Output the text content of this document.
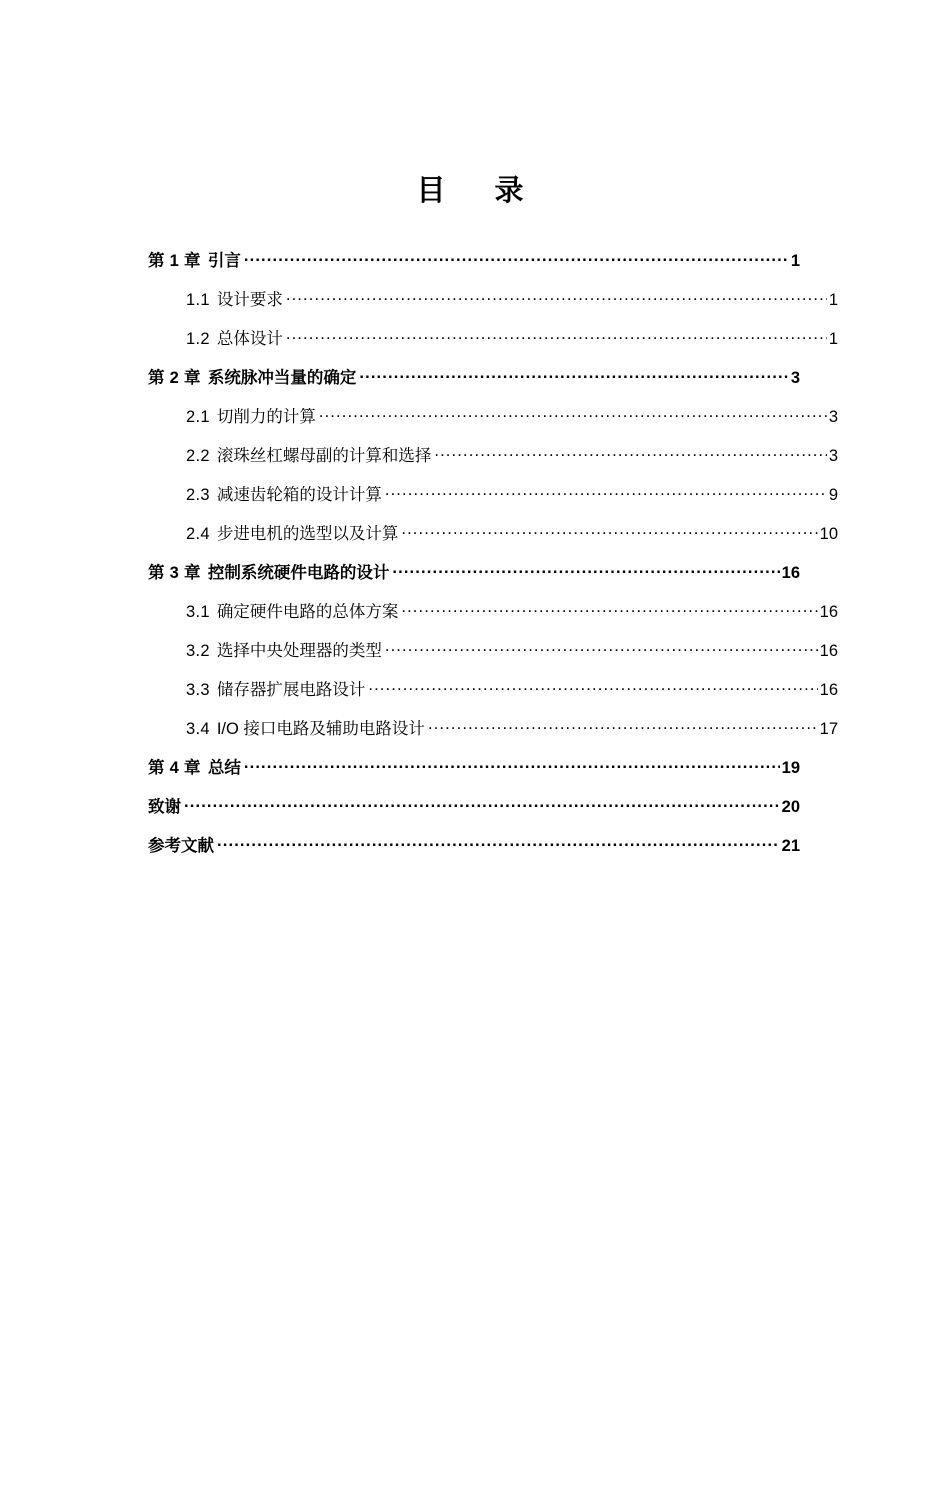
目　录
第 1 章 引言 .....	1
1.1 设计要求 .....	1
1.2 总体设计 .....	1
第 2 章 系统脉冲当量的确定 .....	3
2.1 切削力的计算 .....	3
2.2 滚珠丝杠螺母副的计算和选择 .....	3
2.3 减速齿轮箱的设计计算 .....	9
2.4 步进电机的选型以及计算 .....	10
第 3 章 控制系统硬件电路的设计 .....	16
3.1 确定硬件电路的总体方案 .....	16
3.2 选择中央处理器的类型 .....	16
3.3 储存器扩展电路设计 .....	16
3.4 I/O 接口电路及辅助电路设计 .....	17
第 4 章 总结 .....	19
致谢 .....	20
参考文献 .....	21
